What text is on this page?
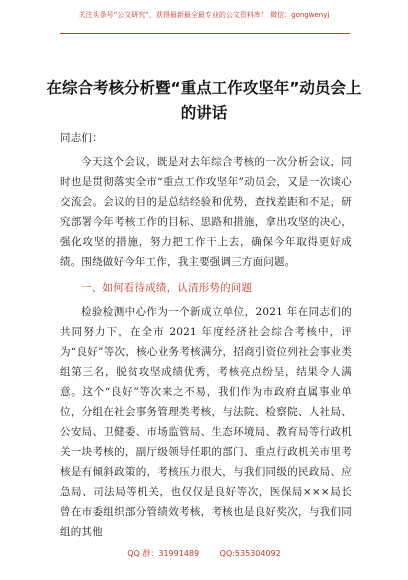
关注头条号“公文研究”，获得最新最全最专业的公文资料库！ 微信：gongwenyj
在综合考核分析暨“重点工作攻坚年”动员会上的讲话

同志们：

今天这个会议，既是对去年综合考核的一次分析会议，同时也是贯彻落实全市“重点工作攻坚年”动员会，又是一次谈心交流会。会议的目的是总结经验和优势，查找差距和不足，研究部署今年考核工作的目标、思路和措施，拿出攻坚的决心，强化攻坚的措施，努力把工作干上去，确保今年取得更好成绩。围绕做好今年工作，我主要强调三方面问题。

一、如何看待成绩，认清形势的问题

检验检测中心作为一个新成立单位，2021 年在同志们的共同努力下，在全市 2021 年度经济社会综合考核中，评为“良好”等次，核心业务考核满分，招商引资位列社会事业类组第三名，脱贫攻坚成绩优秀，考核亮点纷呈，结果令人满意。这个“良好”等次来之不易，我们作为市政府直属事业单位，分组在社会事务管理类考核，与法院、检察院、人社局、公安局、卫健委、市场监管局、生态环境局、教育局等行政机关一块考核的，副厅级领导任职的部门、重点行政机关市里考核是有倾斜政策的，考核压力很大，与我们同级的民政局、应急局、司法局等机关，也仅仅是良好等次，医保局×××局长曾在市委组织部分管绩效考核，考核也是良好奖次，与我们同组的其他

QQ 群：31991489	QQ:535304092
